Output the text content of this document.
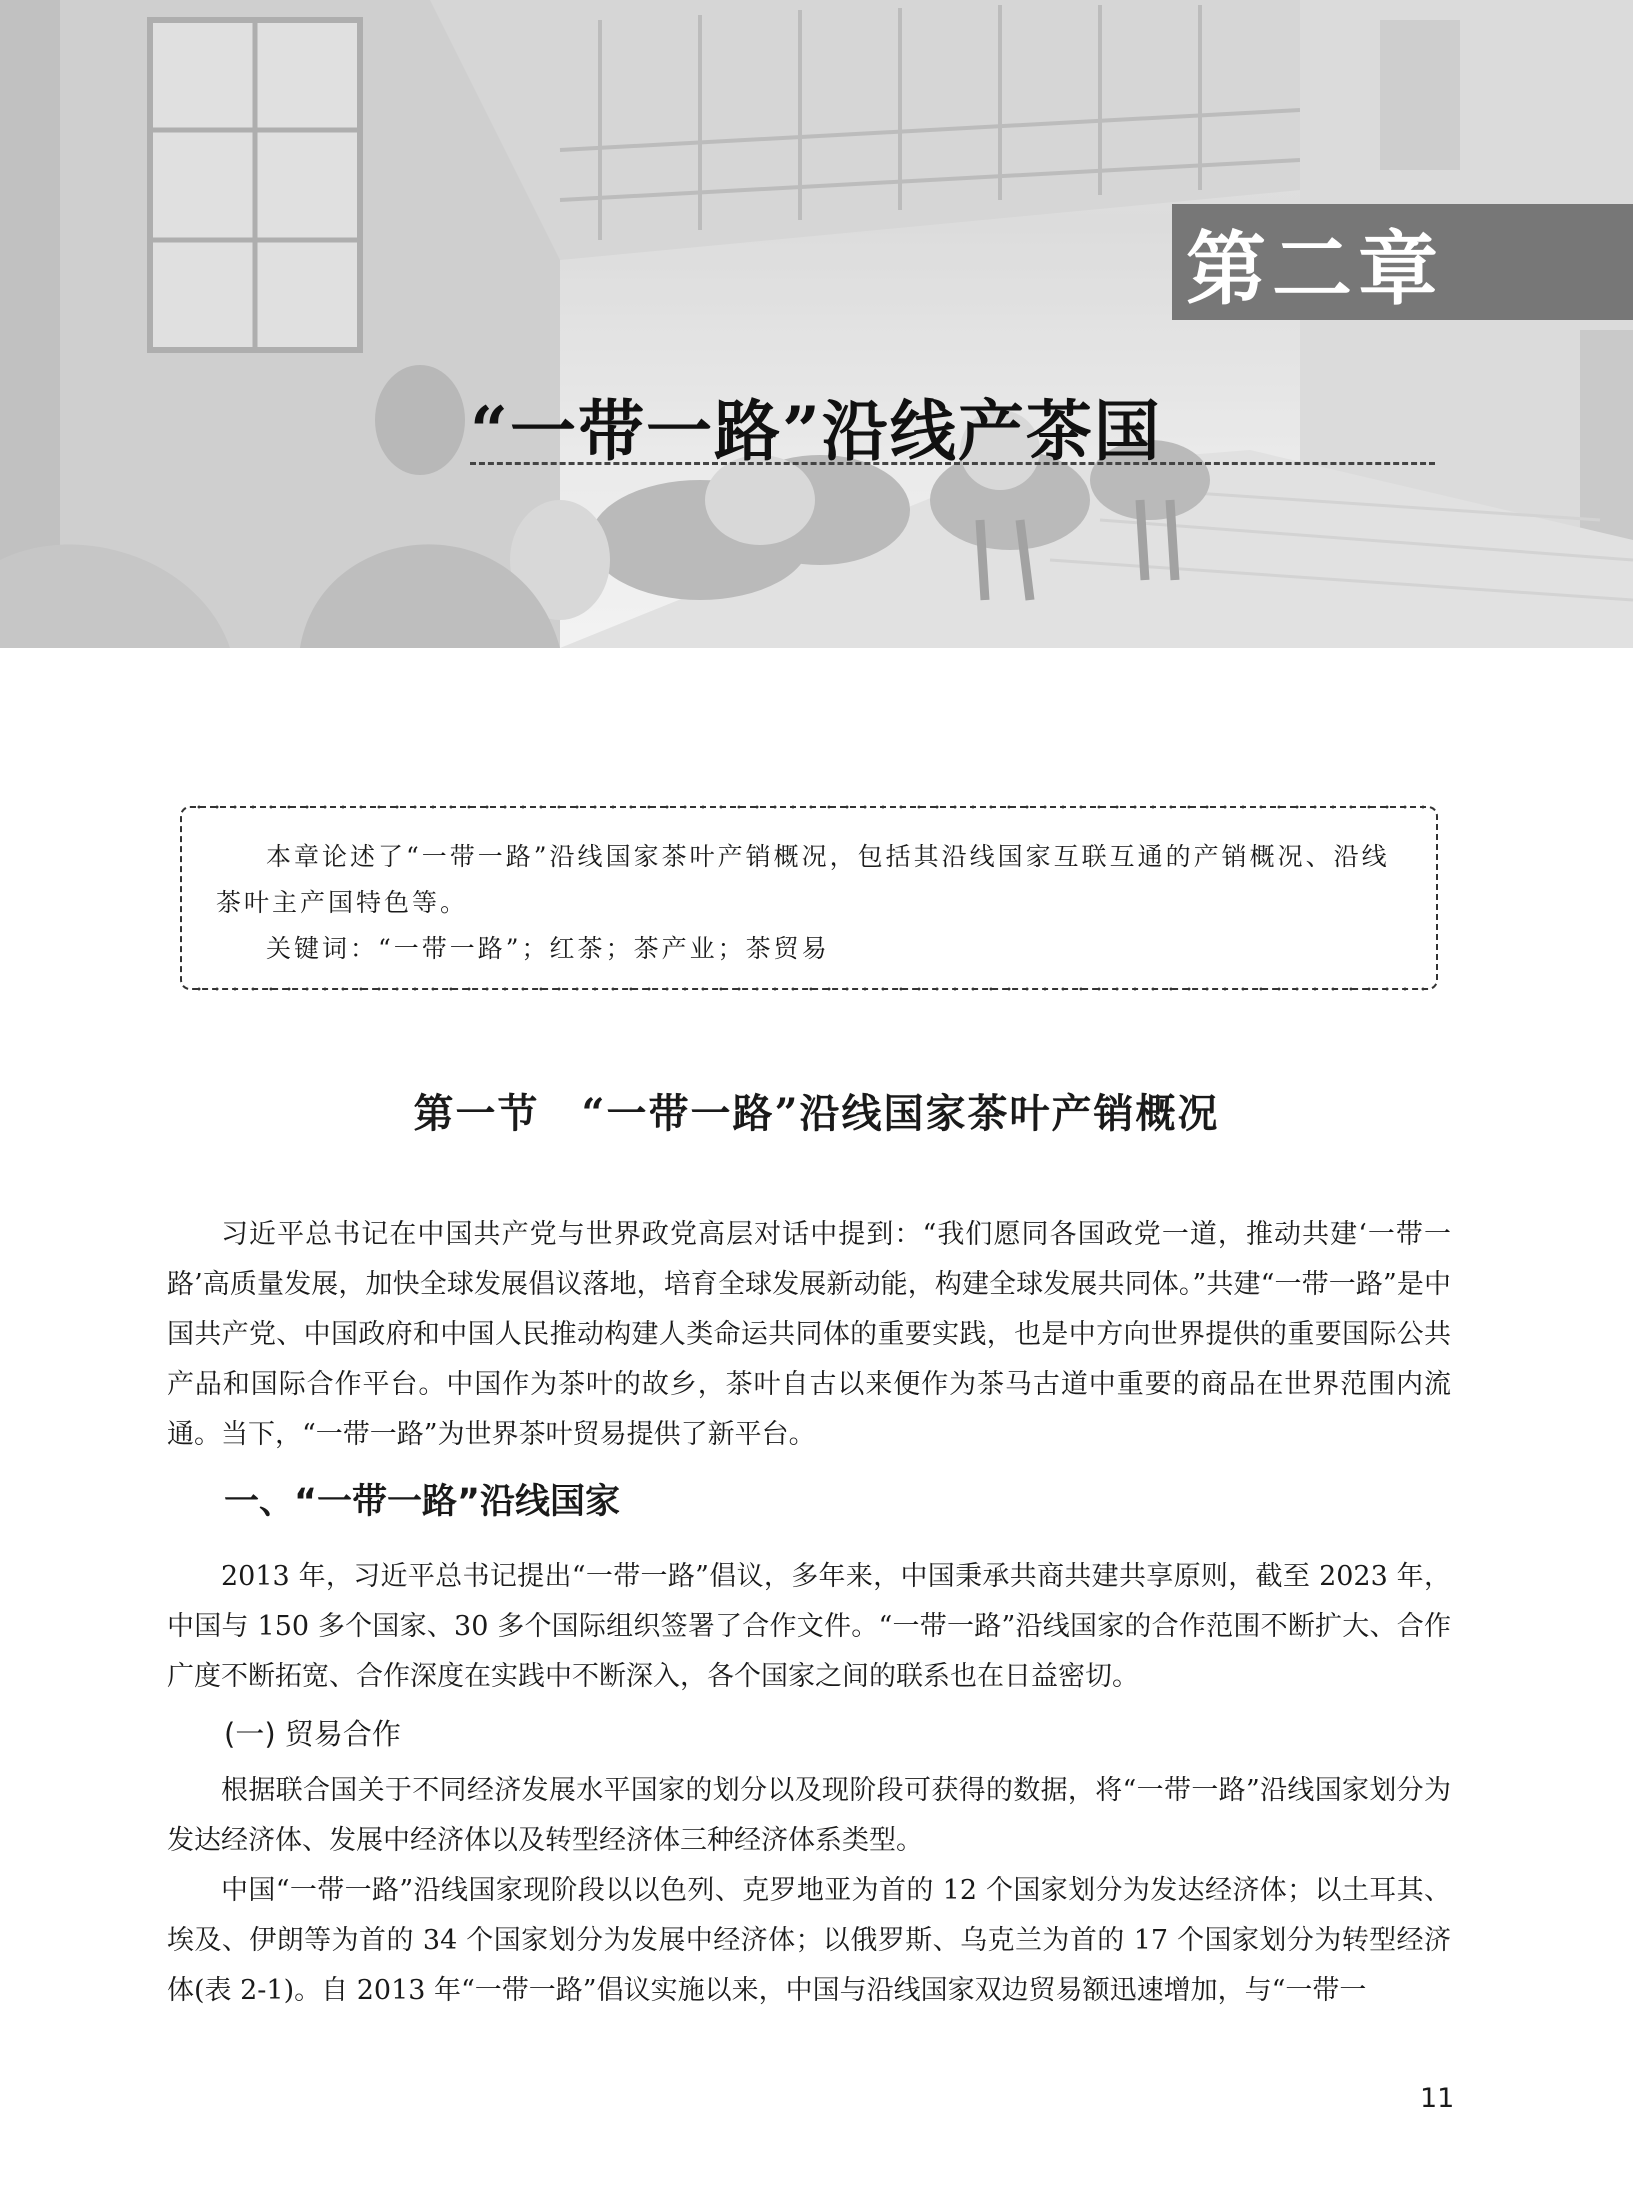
第二章
“一带一路”沿线产茶国

本章论述了“一带一路”沿线国家茶叶产销概况，包括其沿线国家互联互通的产销概况、沿线茶叶主产国特色等。

关键词：“一带一路”；红茶；茶产业；茶贸易

第一节　“一带一路”沿线国家茶叶产销概况

习近平总书记在中国共产党与世界政党高层对话中提到：“我们愿同各国政党一道，推动共建‘一带一路’高质量发展，加快全球发展倡议落地，培育全球发展新动能，构建全球发展共同体。”共建“一带一路”是中国共产党、中国政府和中国人民推动构建人类命运共同体的重要实践，也是中方向世界提供的重要国际公共产品和国际合作平台。中国作为茶叶的故乡，茶叶自古以来便作为茶马古道中重要的商品在世界范围内流通。当下，“一带一路”为世界茶叶贸易提供了新平台。

一、“一带一路”沿线国家

2013 年，习近平总书记提出“一带一路”倡议，多年来，中国秉承共商共建共享原则，截至 2023 年，中国与 150 多个国家、30 多个国际组织签署了合作文件。“一带一路”沿线国家的合作范围不断扩大、合作广度不断拓宽、合作深度在实践中不断深入，各个国家之间的联系也在日益密切。

(一) 贸易合作

根据联合国关于不同经济发展水平国家的划分以及现阶段可获得的数据，将“一带一路”沿线国家划分为发达经济体、发展中经济体以及转型经济体三种经济体系类型。

中国“一带一路”沿线国家现阶段以以色列、克罗地亚为首的 12 个国家划分为发达经济体；以土耳其、埃及、伊朗等为首的 34 个国家划分为发展中经济体；以俄罗斯、乌克兰为首的 17 个国家划分为转型经济体(表 2-1)。自 2013 年“一带一路”倡议实施以来，中国与沿线国家双边贸易额迅速增加，与“一带一

11
